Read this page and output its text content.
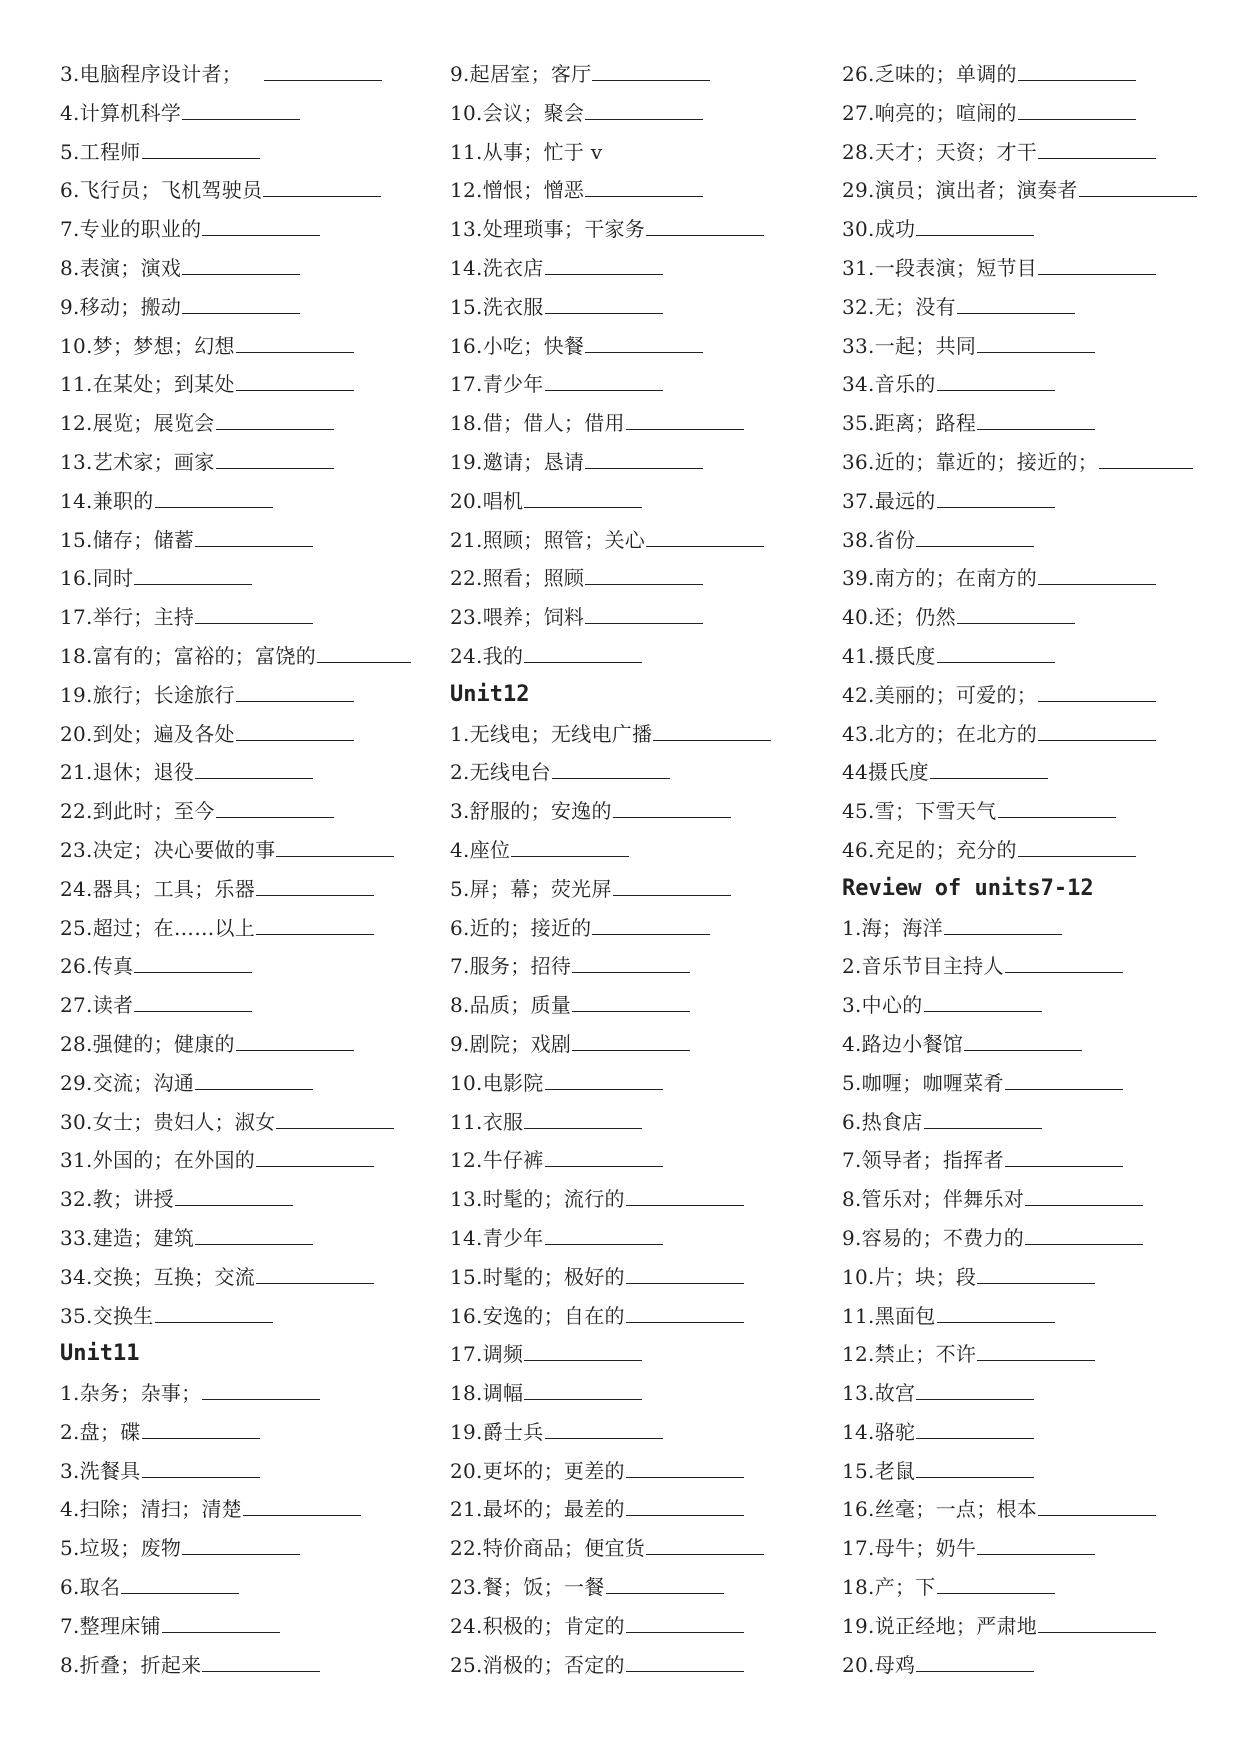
3.电脑程序设计者；
4.计算机科学
5.工程师
6.飞行员；飞机驾驶员
7.专业的职业的
8.表演；演戏
9.移动；搬动
10.梦；梦想；幻想
11.在某处；到某处
12.展览；展览会
13.艺术家；画家
14.兼职的
15.储存；储蓄
16.同时
17.举行；主持
18.富有的；富裕的；富饶的
19.旅行；长途旅行
20.到处；遍及各处
21.退休；退役
22.到此时；至今
23.决定；决心要做的事
24.器具；工具；乐器
25.超过；在……以上
26.传真
27.读者
28.强健的；健康的
29.交流；沟通
30.女士；贵妇人；淑女
31.外国的；在外国的
32.教；讲授
33.建造；建筑
34.交换；互换；交流
35.交换生
Unit11
1.杂务；杂事；
2.盘；碟
3.洗餐具
4.扫除；清扫；清楚
5.垃圾；废物
6.取名
7.整理床铺
8.折叠；折起来
9.起居室；客厅
10.会议；聚会
11.从事；忙于 v
12.憎恨；憎恶
13.处理琐事；干家务
14.洗衣店
15.洗衣服
16.小吃；快餐
17.青少年
18.借；借人；借用
19.邀请；恳请
20.唱机
21.照顾；照管；关心
22.照看；照顾
23.喂养；饲料
24.我的
Unit12
1.无线电；无线电广播
2.无线电台
3.舒服的；安逸的
4.座位
5.屏；幕；荧光屏
6.近的；接近的
7.服务；招待
8.品质；质量
9.剧院；戏剧
10.电影院
11.衣服
12.牛仔裤
13.时髦的；流行的
14.青少年
15.时髦的；极好的
16.安逸的；自在的
17.调频
18.调幅
19.爵士兵
20.更坏的；更差的
21.最坏的；最差的
22.特价商品；便宜货
23.餐；饭；一餐
24.积极的；肯定的
25.消极的；否定的
26.乏味的；单调的
27.响亮的；喧闹的
28.天才；天资；才干
29.演员；演出者；演奏者
30.成功
31.一段表演；短节目
32.无；没有
33.一起；共同
34.音乐的
35.距离；路程
36.近的；靠近的；接近的；
37.最远的
38.省份
39.南方的；在南方的
40.还；仍然
41.摄氏度
42.美丽的；可爱的；
43.北方的；在北方的
44摄氏度
45.雪；下雪天气
46.充足的；充分的
Review of units7-12
1.海；海洋
2.音乐节目主持人
3.中心的
4.路边小餐馆
5.咖喱；咖喱菜肴
6.热食店
7.领导者；指挥者
8.管乐对；伴舞乐对
9.容易的；不费力的
10.片；块；段
11.黑面包
12.禁止；不许
13.故宫
14.骆驼
15.老鼠
16.丝毫；一点；根本
17.母牛；奶牛
18.产；下
19.说正经地；严肃地
20.母鸡
